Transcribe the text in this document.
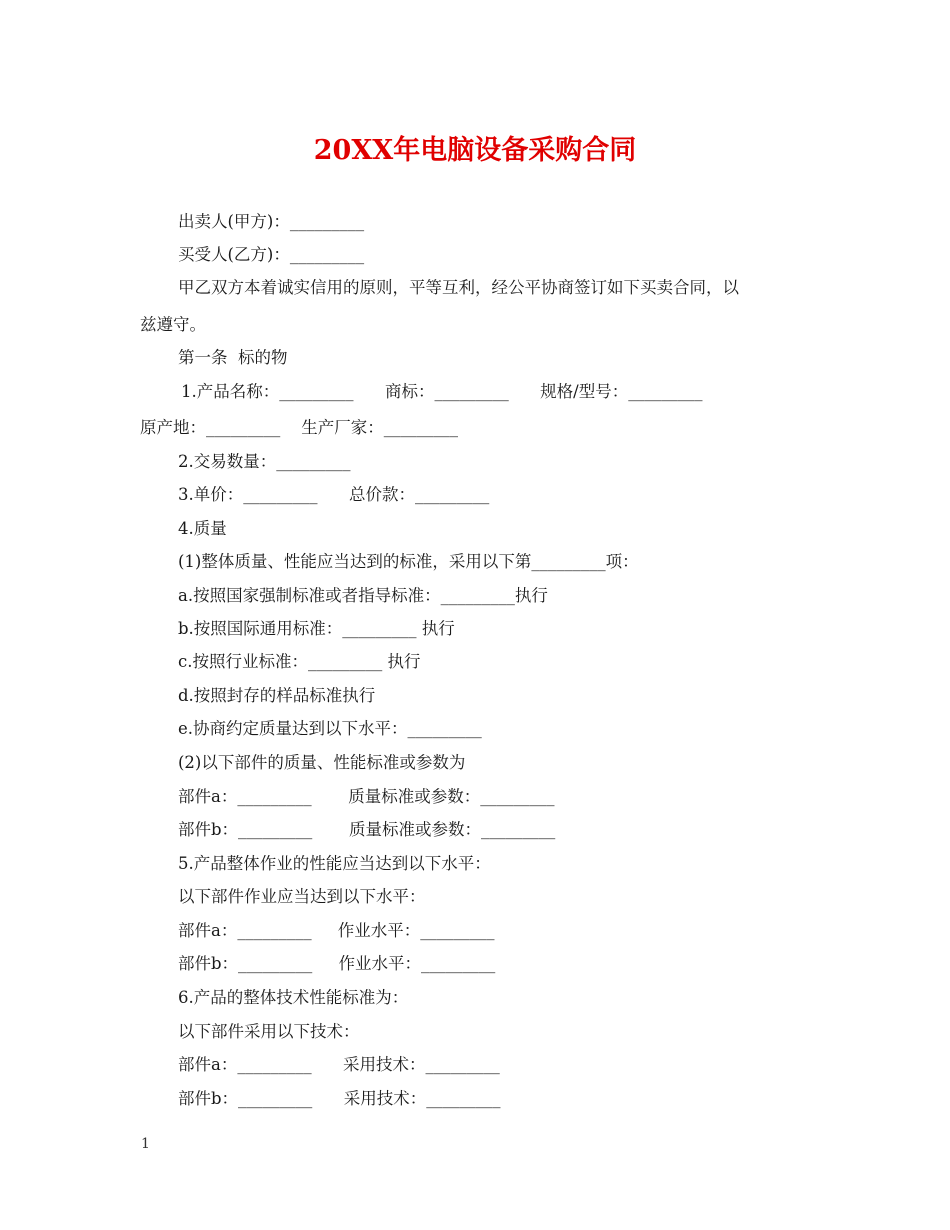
20XX年电脑设备采购合同
出卖人(甲方)：_________
买受人(乙方)：_________
甲乙双方本着诚实信用的原则，平等互利，经公平协商签订如下买卖合同，以
兹遵守。
第一条  标的物
1.产品名称：_________      商标：_________      规格/型号：_________
原产地：_________    生产厂家：_________
2.交易数量：_________
3.单价：_________      总价款：_________
4.质量
(1)整体质量、性能应当达到的标准，采用以下第_________项：
a.按照国家强制标准或者指导标准：_________执行
b.按照国际通用标准：_________ 执行
c.按照行业标准：_________ 执行
d.按照封存的样品标准执行
e.协商约定质量达到以下水平：_________
(2)以下部件的质量、性能标准或参数为
部件a：_________       质量标准或参数：_________
部件b：_________       质量标准或参数：_________
5.产品整体作业的性能应当达到以下水平：
以下部件作业应当达到以下水平：
部件a：_________     作业水平：_________
部件b：_________     作业水平：_________
6.产品的整体技术性能标准为：
以下部件采用以下技术：
部件a：_________      采用技术：_________
部件b：_________      采用技术：_________
1
